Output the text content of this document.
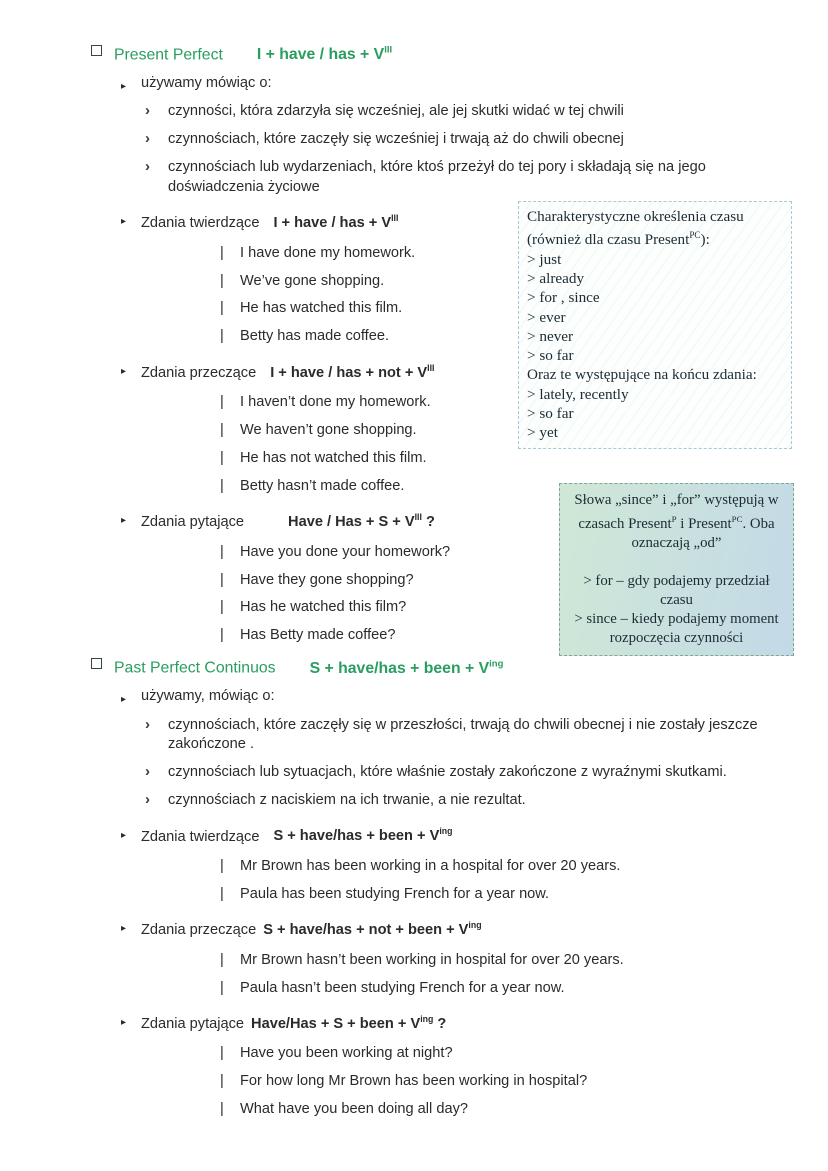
Present Perfect I + have / has + $V^{III}$
▸ używamy mówiąc o:
› czynności, która zdarzyła się wcześniej, ale jej skutki widać w tej chwili
› czynnościach, które zaczęły się wcześniej i trwają aż do chwili obecnej
› czynnościach lub wydarzeniach, które ktoś przeżył do tej pory i składają się na jego doświadczenia życiowe
▸ Zdania twierdzące I + have / has + $V^{III}$
| I have done my homework.
| We’ve gone shopping.
| He has watched this film.
| Betty has made coffee.
▸ Zdania przeczące I + have / has + not + $V^{III}$
| I haven’t done my homework.
| We haven’t gone shopping.
| He has not watched this film.
| Betty hasn’t made coffee.
▸ Zdania pytające	Have / Has + $S + V^{III}$ ?
| Have you done your homework?
| Have they gone shopping?
| Has he watched this film?
| Has Betty made coffee?
Past Perfect Continuos S + have/has + been + $V^{ing}$
▸ używamy, mówiąc o:
› czynnościach, które zaczęły się w przeszłości, trwają do chwili obecnej i nie zostały jeszcze zakończone .
› czynnościach lub sytuacjach, które właśnie zostały zakończone z wyraźnymi skutkami.
› czynnościach z naciskiem na ich trwanie, a nie rezultat.
▸ Zdania twierdzące S + have/has + been + $V^{ing}$
| Mr Brown has been working in a hospital for over 20 years.
| Paula has been studying French for a year now.
▸ Zdania przeczące S + have/has + not + been + $V^{ing}$
| Mr Brown hasn’t been working in hospital for over 20 years.
| Paula hasn’t been studying French for a year now.
▸ Zdania pytające Have/Has + S + been + $V^{ing}$ ?
| Have you been working at night?
| For how long Mr Brown has been working in hospital?
| What have you been doing all day?
Charakterystyczne określenia czasu (również dla czasu Present$^{PC}$):
> just
> already
> for , since
> ever
> never
> so far
Oraz te występujące na końcu zdania:
> lately, recently
> so far
> yet
Słowa „since” i „for” występują w czasach Present$^P$ i Present$^{PC}$. Oba oznaczają „od”

> for – gdy podajemy przedział czasu
> since – kiedy podajemy moment rozpoczęcia czynności
